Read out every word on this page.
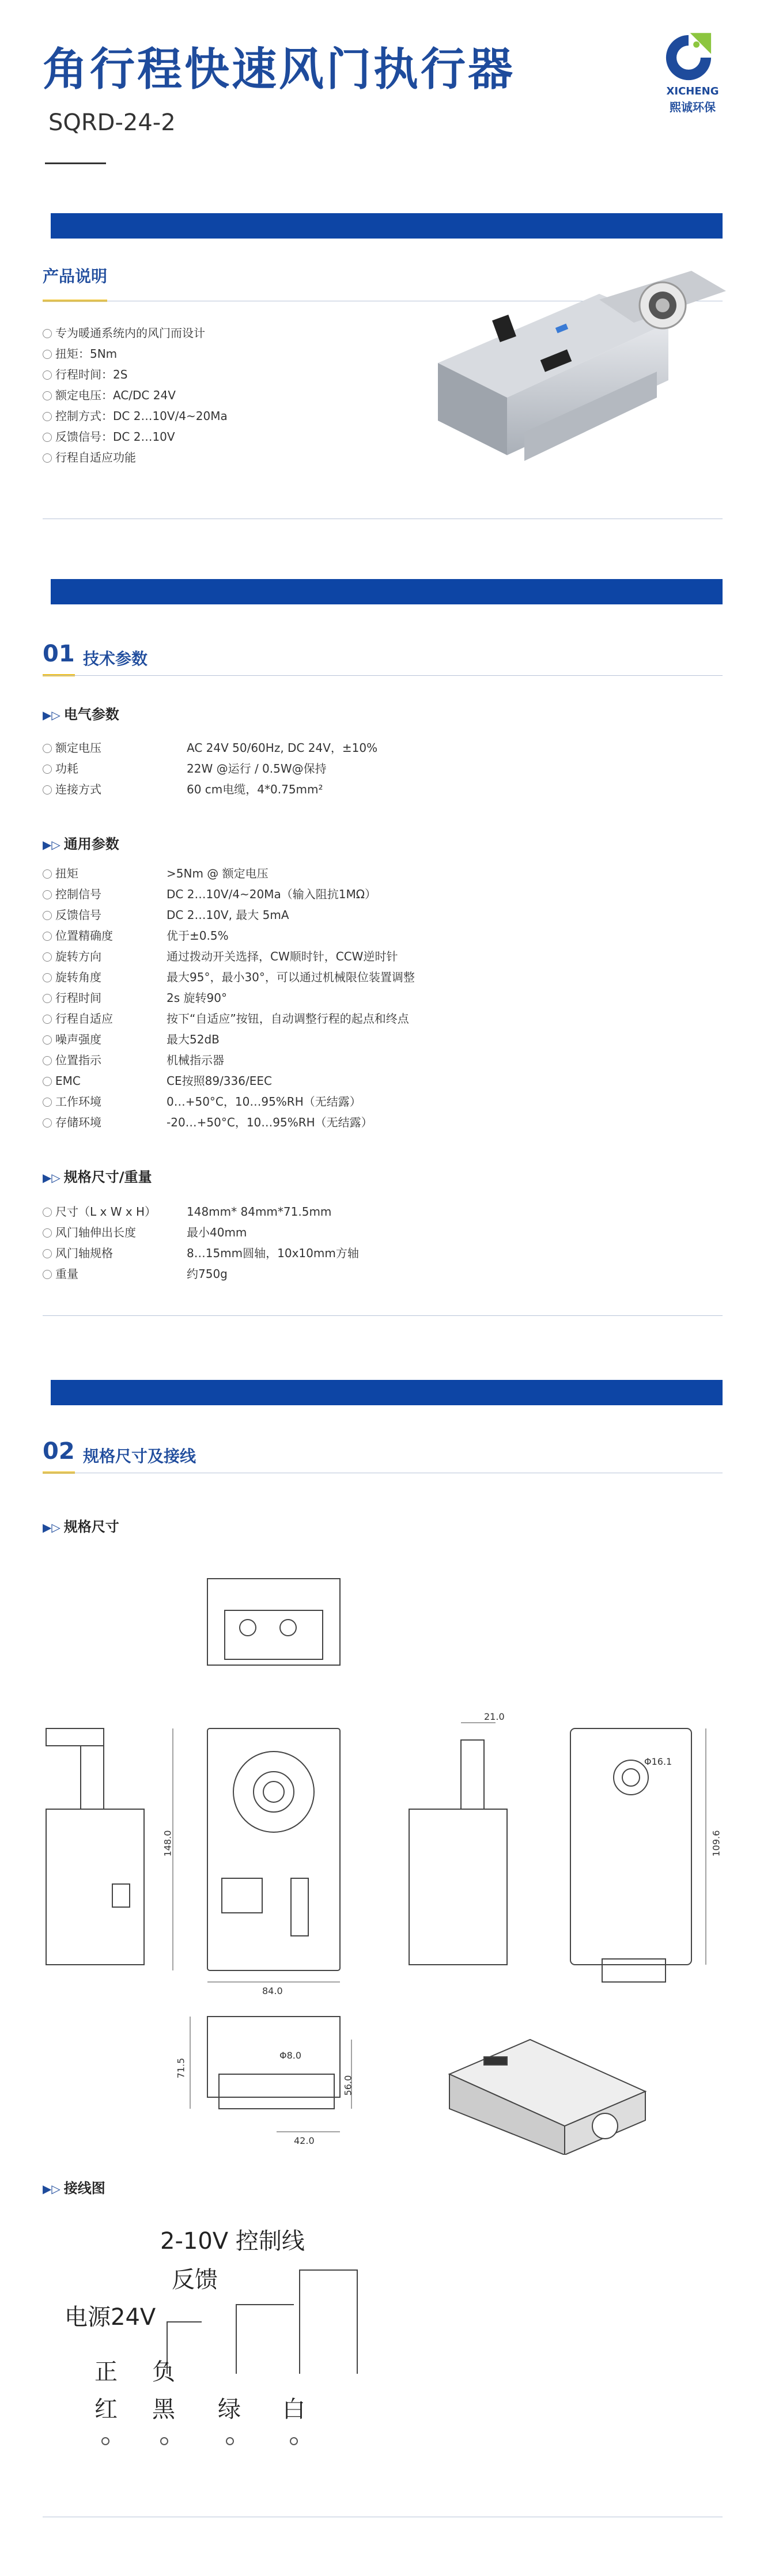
角行程快速风门执行器
SQRD-24-2
XICHENG
熙诚环保
产品说明
专为暖通系统内的风门而设计
扭矩：5Nm
行程时间：2S
额定电压：AC/DC 24V
控制方式：DC 2…10V/4~20Ma
反馈信号：DC 2…10V
行程自适应功能
01 技术参数
▶▷ 电气参数
额定电压	AC 24V 50/60Hz, DC 24V，±10%
功耗	22W @运行 / 0.5W@保持
连接方式	60 cm电缆，4*0.75mm²
▶▷ 通用参数
扭矩	>5Nm @ 额定电压
控制信号	DC 2…10V/4~20Ma（输入阻抗1MΩ）
反馈信号	DC 2…10V, 最大 5mA
位置精确度	优于±0.5%
旋转方向	通过拨动开关选择，CW顺时针，CCW逆时针
旋转角度	最大95°，最小30°，可以通过机械限位装置调整
行程时间	2s 旋转90°
行程自适应	按下“自适应”按钮，自动调整行程的起点和终点
噪声强度	最大52dB
位置指示	机械指示器
EMC	CE按照89/336/EEC
工作环境	0…+50°C，10…95%RH（无结露）
存储环境	-20…+50°C，10…95%RH（无结露）
▶▷ 规格尺寸/重量
尺寸（L x W x H）	148mm* 84mm*71.5mm
风门轴伸出长度	最小40mm
风门轴规格	8…15mm圆轴，10x10mm方轴
重量	约750g
02 规格尺寸及接线
▶▷ 规格尺寸
21.0
148.0
84.0
109.6
Φ16.1
71.5
56.0
42.0
Φ8.0
▶▷ 接线图
2-10V 控制线
反馈
电源24V
正 负
红 黑 绿 白
